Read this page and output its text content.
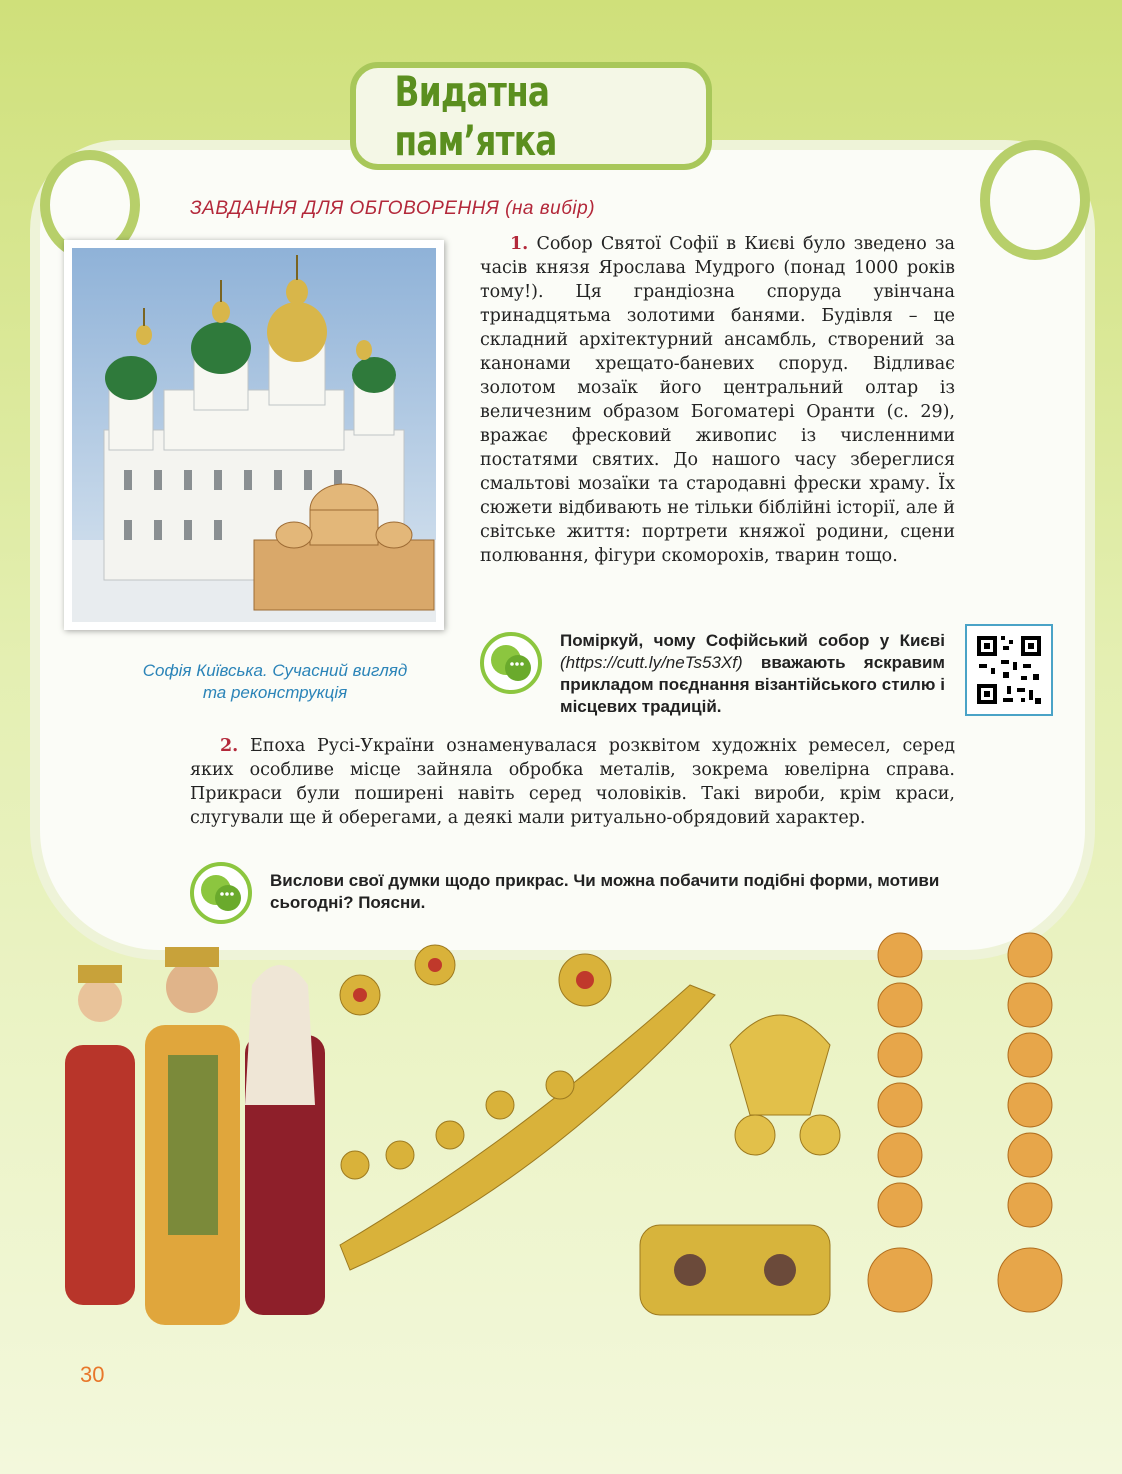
Видатна пам’ятка
ЗАВДАННЯ ДЛЯ ОБГОВОРЕННЯ (на вибір)
Софія Київська. Сучасний вигляд
та реконструкція
1. Собор Святої Софії в Києві було зведено за часів князя Ярослава Мудрого (понад 1000 років тому!). Ця грандіозна споруда увінчана тринадцятьма золотими банями. Будівля – це складний архітектурний ансамбль, створений за канонами хрещато-баневих споруд. Відливає золотом мозаїк його центральний олтар із величезним образом Богоматері Оранти (с. 29), вражає фресковий живопис із численними постатями святих. До нашого часу збереглися смальтові мозаїки та стародавні фрески храму. Їх сюжети відбивають не тільки біблійні історії, але й світське життя: портрети княжої родини, сцени полювання, фігури скоморохів, тварин тощо.
Поміркуй, чому Софійський собор у Києві (https://cutt.ly/neTs53Xf) вважають яскравим прикладом поєднання візантійського стилю і місцевих традицій.
2. Епоха Русі-України ознаменувалася розквітом художніх ремесел, серед яких особливе місце зайняла обробка металів, зокрема ювелірна справа. Прикраси були поширені навіть серед чоловіків. Такі вироби, крім краси, слугували ще й оберегами, а деякі мали ритуально-обрядовий характер.
Вислови свої думки щодо прикрас. Чи можна побачити подібні форми, мотиви сьогодні? Поясни.
30
